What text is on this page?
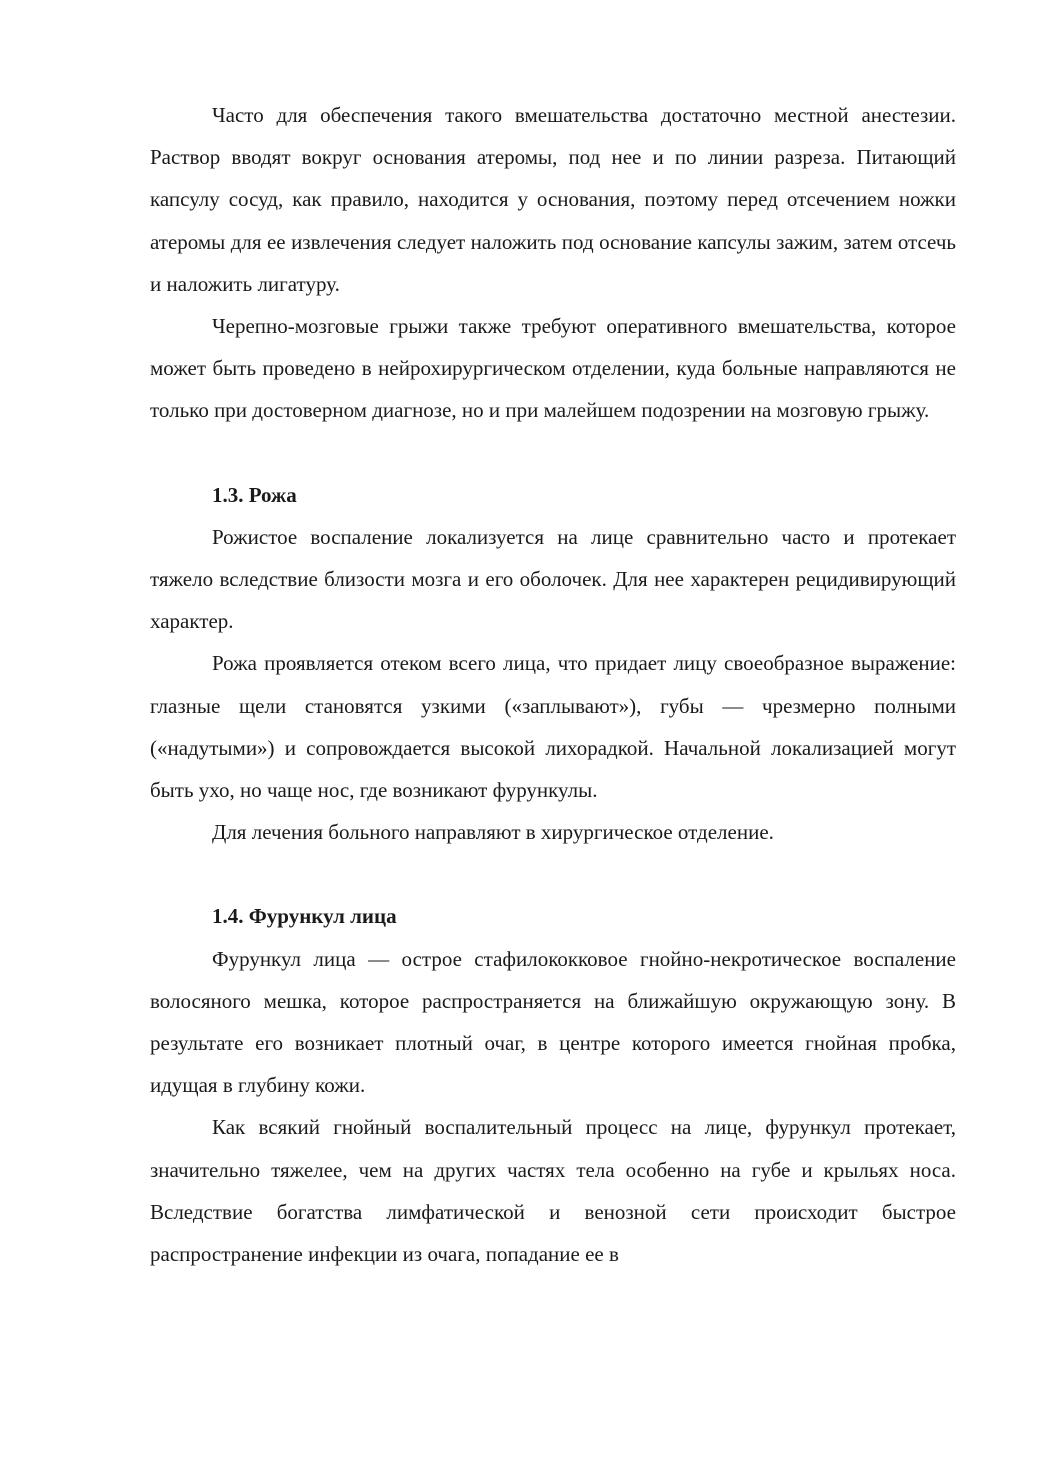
Часто для обеспечения такого вмешательства достаточно местной анестезии. Раствор вводят вокруг основания атеромы, под нее и по линии разреза. Питающий капсулу сосуд, как правило, находится у основания, поэтому перед отсечением ножки атеромы для ее извлечения следует наложить под основание капсулы зажим, затем отсечь и наложить лигатуру.

Черепно-мозговые грыжи также требуют оперативного вмешательства, которое может быть проведено в нейрохирургическом отделении, куда больные направляются не только при достоверном диагнозе, но и при малейшем подозрении на мозговую грыжу.

1.3. Рожа

Рожистое воспаление локализуется на лице сравнительно часто и протекает тяжело вследствие близости мозга и его оболочек. Для нее характерен рецидивирующий характер.

Рожа проявляется отеком всего лица, что придает лицу своеобразное выражение: глазные щели становятся узкими («заплывают»), губы — чрезмерно полными («надутыми») и сопровождается высокой лихорадкой. Начальной локализацией могут быть ухо, но чаще нос, где возникают фурункулы.

Для лечения больного направляют в хирургическое отделение.

1.4. Фурункул лица

Фурункул лица — острое стафилококковое гнойно-некротическое воспаление волосяного мешка, которое распространяется на ближайшую окружающую зону. В результате его возникает плотный очаг, в центре которого имеется гнойная пробка, идущая в глубину кожи.

Как всякий гнойный воспалительный процесс на лице, фурункул протекает, значительно тяжелее, чем на других частях тела особенно на губе и крыльях носа. Вследствие богатства лимфатической и венозной сети происходит быстрое распространение инфекции из очага, попадание ее в
